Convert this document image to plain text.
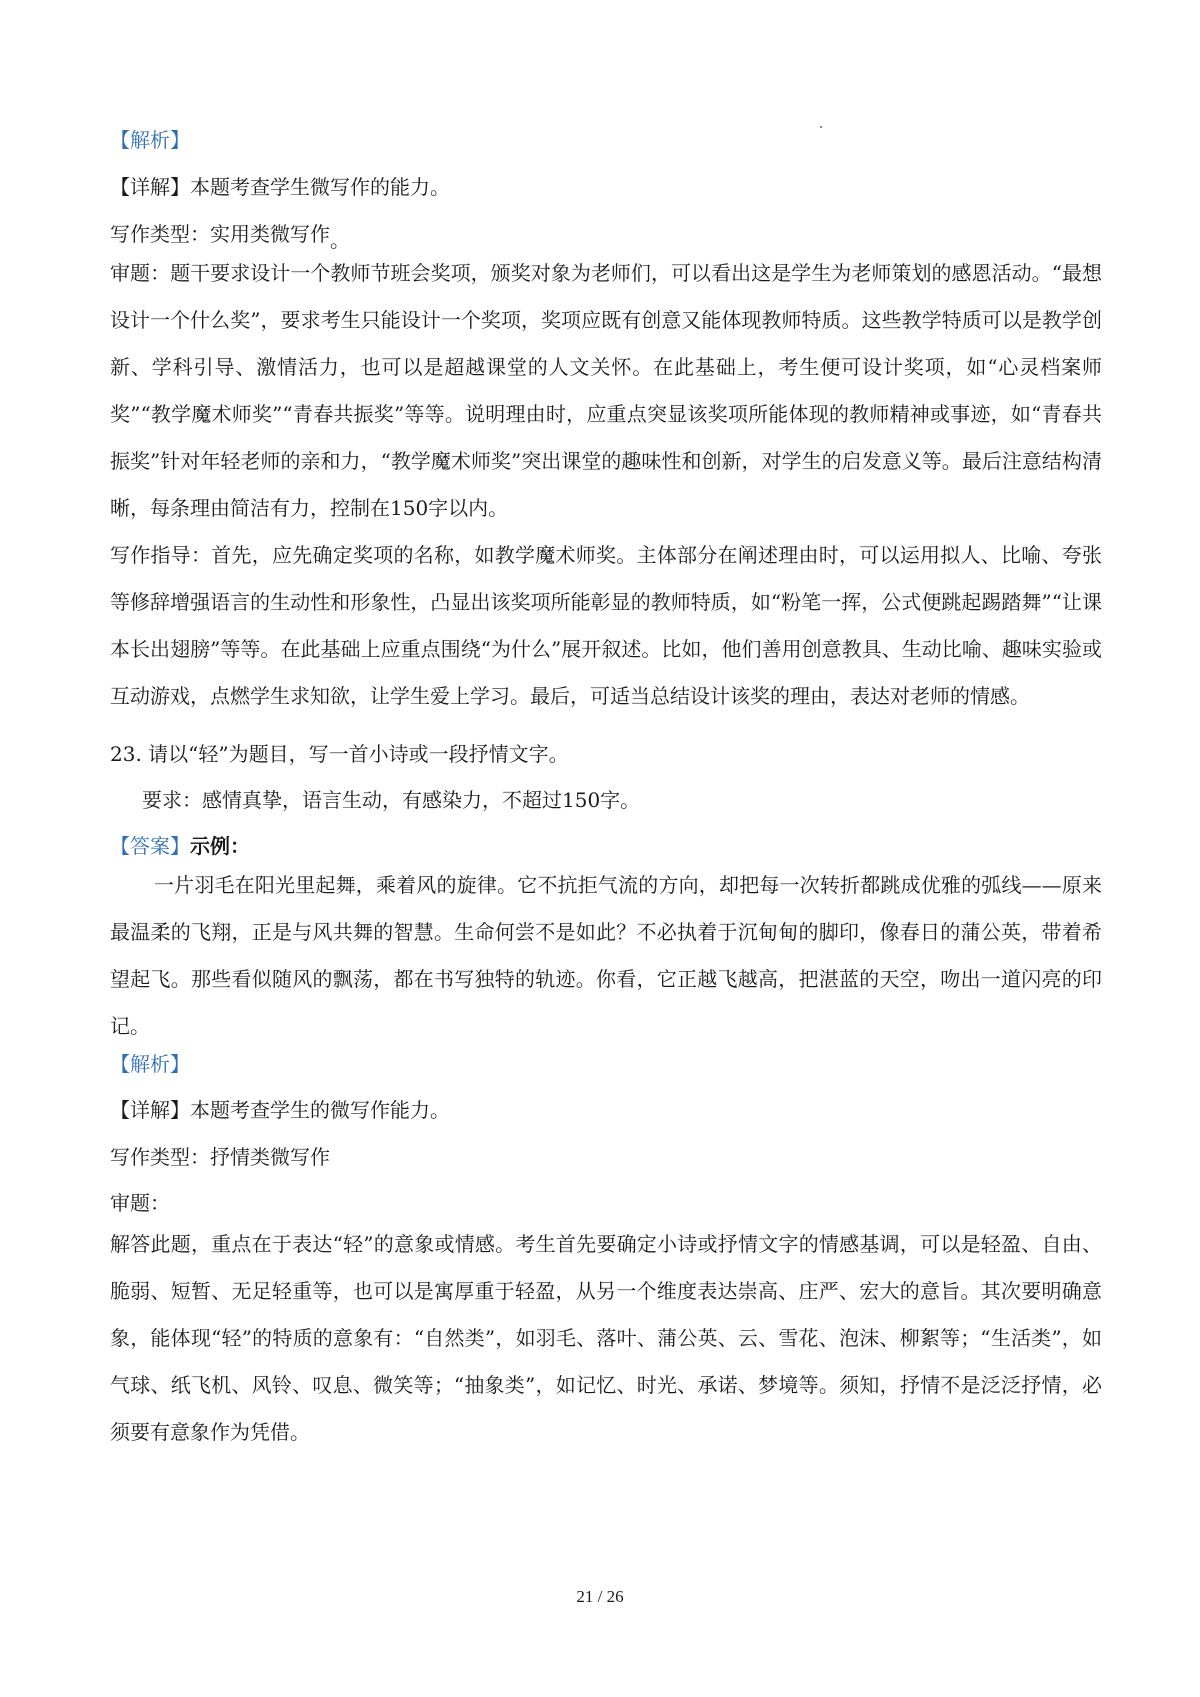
【解析】
【详解】本题考查学生微写作的能力。
写作类型：实用类微写作。
审题：题干要求设计一个教师节班会奖项，颁奖对象为老师们，可以看出这是学生为老师策划的感恩活动。“最想设计一个什么奖”，要求考生只能设计一个奖项，奖项应既有创意又能体现教师特质。这些教学特质可以是教学创新、学科引导、激情活力，也可以是超越课堂的人文关怀。在此基础上，考生便可设计奖项，如“心灵档案师奖”“教学魔术师奖”“青春共振奖”等等。说明理由时，应重点突显该奖项所能体现的教师精神或事迹，如“青春共振奖”针对年轻老师的亲和力，“教学魔术师奖”突出课堂的趣味性和创新，对学生的启发意义等。最后注意结构清晰，每条理由简洁有力，控制在150字以内。
写作指导：首先，应先确定奖项的名称，如教学魔术师奖。主体部分在阐述理由时，可以运用拟人、比喻、夸张等修辞增强语言的生动性和形象性，凸显出该奖项所能彰显的教师特质，如“粉笔一挥，公式便跳起踢踏舞”“让课本长出翅膀”等等。在此基础上应重点围绕“为什么”展开叙述。比如，他们善用创意教具、生动比喻、趣味实验或互动游戏，点燃学生求知欲，让学生爱上学习。最后，可适当总结设计该奖的理由，表达对老师的情感。
23. 请以“轻”为题目，写一首小诗或一段抒情文字。
要求：感情真挚，语言生动，有感染力，不超过150字。
【答案】示例：
一片羽毛在阳光里起舞，乘着风的旋律。它不抗拒气流的方向，却把每一次转折都跳成优雅的弧线——原来最温柔的飞翔，正是与风共舞的智慧。生命何尝不是如此？不必执着于沉甸甸的脚印，像春日的蒲公英，带着希望起飞。那些看似随风的飘荡，都在书写独特的轨迹。你看，它正越飞越高，把湛蓝的天空，吻出一道闪亮的印记。
【解析】
【详解】本题考查学生的微写作能力。
写作类型：抒情类微写作
审题：
解答此题，重点在于表达“轻”的意象或情感。考生首先要确定小诗或抒情文字的情感基调，可以是轻盈、自由、脆弱、短暂、无足轻重等，也可以是寓厚重于轻盈，从另一个维度表达崇高、庄严、宏大的意旨。其次要明确意象，能体现“轻”的特质的意象有：“自然类”，如羽毛、落叶、蒲公英、云、雪花、泡沫、柳絮等；“生活类”，如气球、纸飞机、风铃、叹息、微笑等；“抽象类”，如记忆、时光、承诺、梦境等。须知，抒情不是泛泛抒情，必须要有意象作为凭借。
21 / 26
